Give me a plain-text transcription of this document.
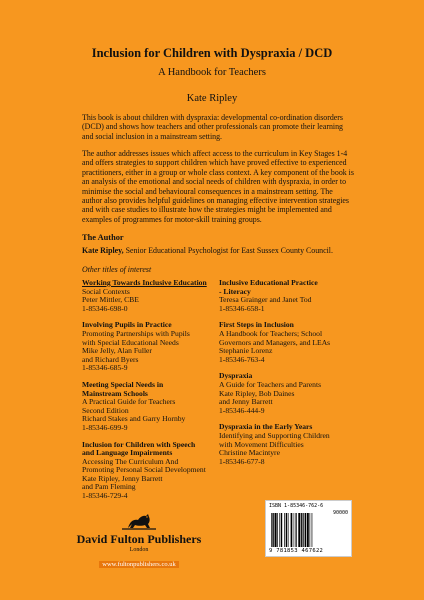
Inclusion for Children with Dyspraxia / DCD
A Handbook for Teachers
Kate Ripley

This book is about children with dyspraxia: developmental co-ordination disorders (DCD) and shows how teachers and other professionals can promote their learning and social inclusion in a mainstream setting.

The author addresses issues which affect access to the curriculum in Key Stages 1-4 and offers strategies to support children which have proved effective to experienced practitioners, either in a group or whole class context. A key component of the book is an analysis of the emotional and social needs of children with dyspraxia, in order to minimise the social and behavioural consequences in a mainstream setting. The author also provides helpful guidelines on managing effective intervention strategies and with case studies to illustrate how the strategies might be implemented and examples of programmes for motor-skill training groups.

The Author
Kate Ripley, Senior Educational Psychologist for East Sussex County Council.
Other titles of interest
Working Towards Inclusive Education
Social Contexts
Peter Mittler, CBE
1-85346-698-0
Involving Pupils in Practice
Promoting Partnerships with Pupils
with Special Educational Needs
Mike Jelly, Alan Fuller
and Richard Byers
1-85346-685-9
Meeting Special Needs in
Mainstream Schools
A Practical Guide for Teachers
Second Edition
Richard Stakes and Garry Hornby
1-85346-699-9
Inclusion for Children with Speech
and Language Impairments
Accessing The Curriculum And
Promoting Personal Social Development
Kate Ripley, Jenny Barrett
and Pam Fleming
1-85346-729-4
Inclusive Educational Practice
- Literacy
Teresa Grainger and Janet Tod
1-85346-658-1
First Steps in Inclusion
A Handbook for Teachers; School
Governors and Managers, and LEAs
Stephanie Lorenz
1-85346-763-4
Dyspraxia
A Guide for Teachers and Parents
Kate Ripley, Bob Daines
and Jenny Barrett
1-85346-444-9
Dyspraxia in the Early Years
Identifying and Supporting Children
with Movement Difficulties
Christine Macintyre
1-85346-677-8
David Fulton Publishers
London
www.fultonpublishers.co.uk
ISBN 1-85346-762-6
90000
9 781853 467622
